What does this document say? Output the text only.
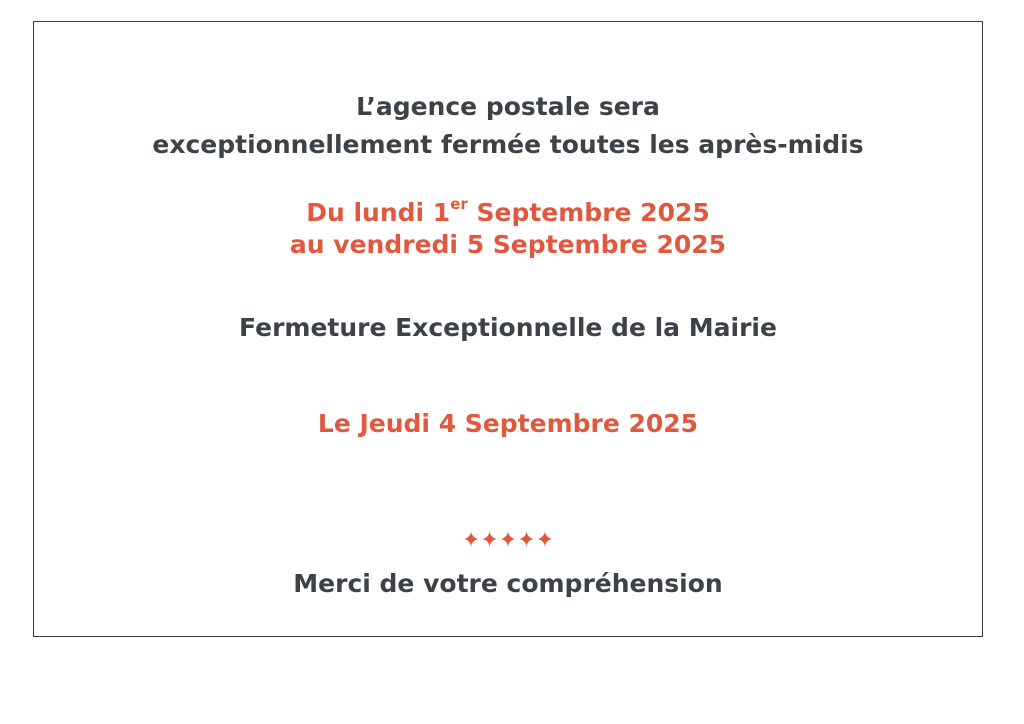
L’agence postale sera
exceptionnellement fermée toutes les après-midis
Du lundi 1er Septembre 2025
au vendredi 5 Septembre 2025
Fermeture Exceptionnelle de la Mairie
Le Jeudi 4 Septembre 2025
✦✦✦✦✦
Merci de votre compréhension
